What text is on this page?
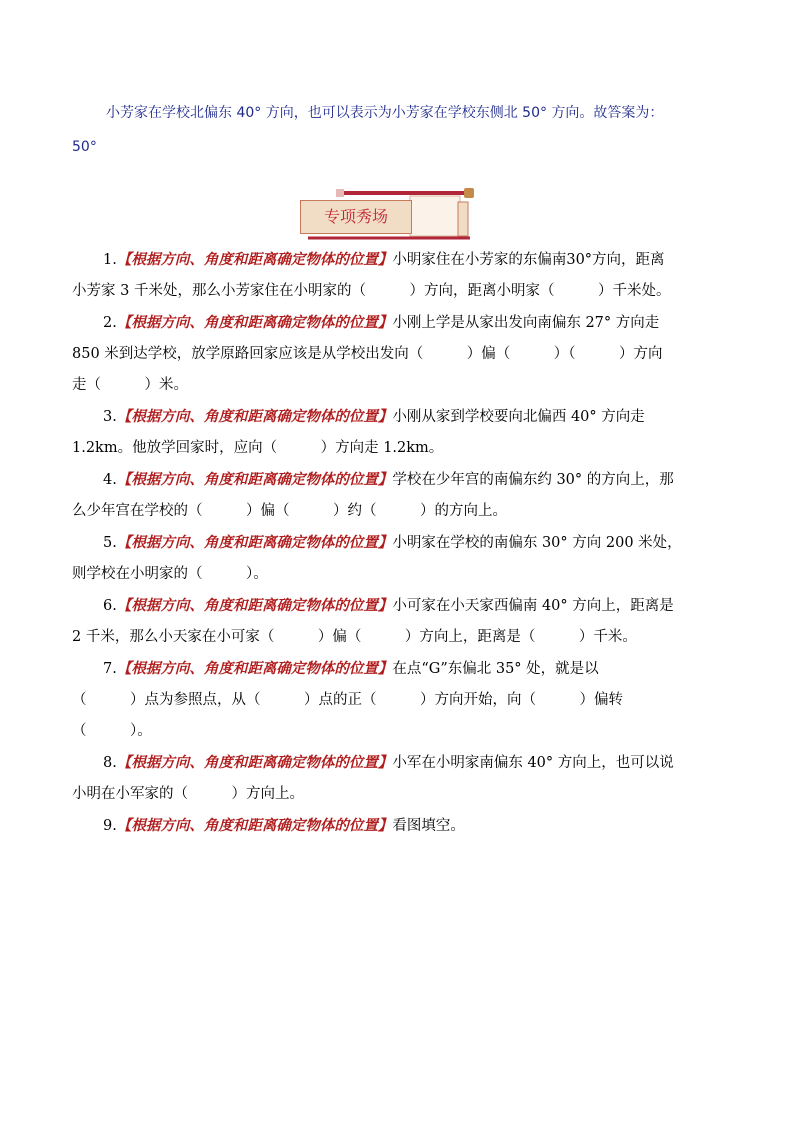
小芳家在学校北偏东 40° 方向，也可以表示为小芳家在学校东侧北 50° 方向。故答案为：
50°
专项秀场
1.【根据方向、角度和距离确定物体的位置】小明家住在小芳家的东偏南30°方向，距离
小芳家 3 千米处，那么小芳家住在小明家的（　　　）方向，距离小明家（　　　）千米处。
2.【根据方向、角度和距离确定物体的位置】小刚上学是从家出发向南偏东 27° 方向走
850 米到达学校，放学原路回家应该是从学校出发向（　　　）偏（　　　）（　　　）方向
走（　　　）米。
3.【根据方向、角度和距离确定物体的位置】小刚从家到学校要向北偏西 40° 方向走
1.2km。他放学回家时，应向（　　　）方向走 1.2km。
4.【根据方向、角度和距离确定物体的位置】学校在少年宫的南偏东约 30° 的方向上，那
么少年宫在学校的（　　　）偏（　　　）约（　　　）的方向上。
5.【根据方向、角度和距离确定物体的位置】小明家在学校的南偏东 30° 方向 200 米处，
则学校在小明家的（　　　）。
6.【根据方向、角度和距离确定物体的位置】小可家在小天家西偏南 40° 方向上，距离是
2 千米，那么小天家在小可家（　　　）偏（　　　）方向上，距离是（　　　）千米。
7.【根据方向、角度和距离确定物体的位置】在点“G”东偏北 35° 处，就是以
（　　　）点为参照点，从（　　　）点的正（　　　）方向开始，向（　　　）偏转
（　　　）。
8.【根据方向、角度和距离确定物体的位置】小军在小明家南偏东 40° 方向上，也可以说
小明在小军家的（　　　）方向上。
9.【根据方向、角度和距离确定物体的位置】看图填空。
